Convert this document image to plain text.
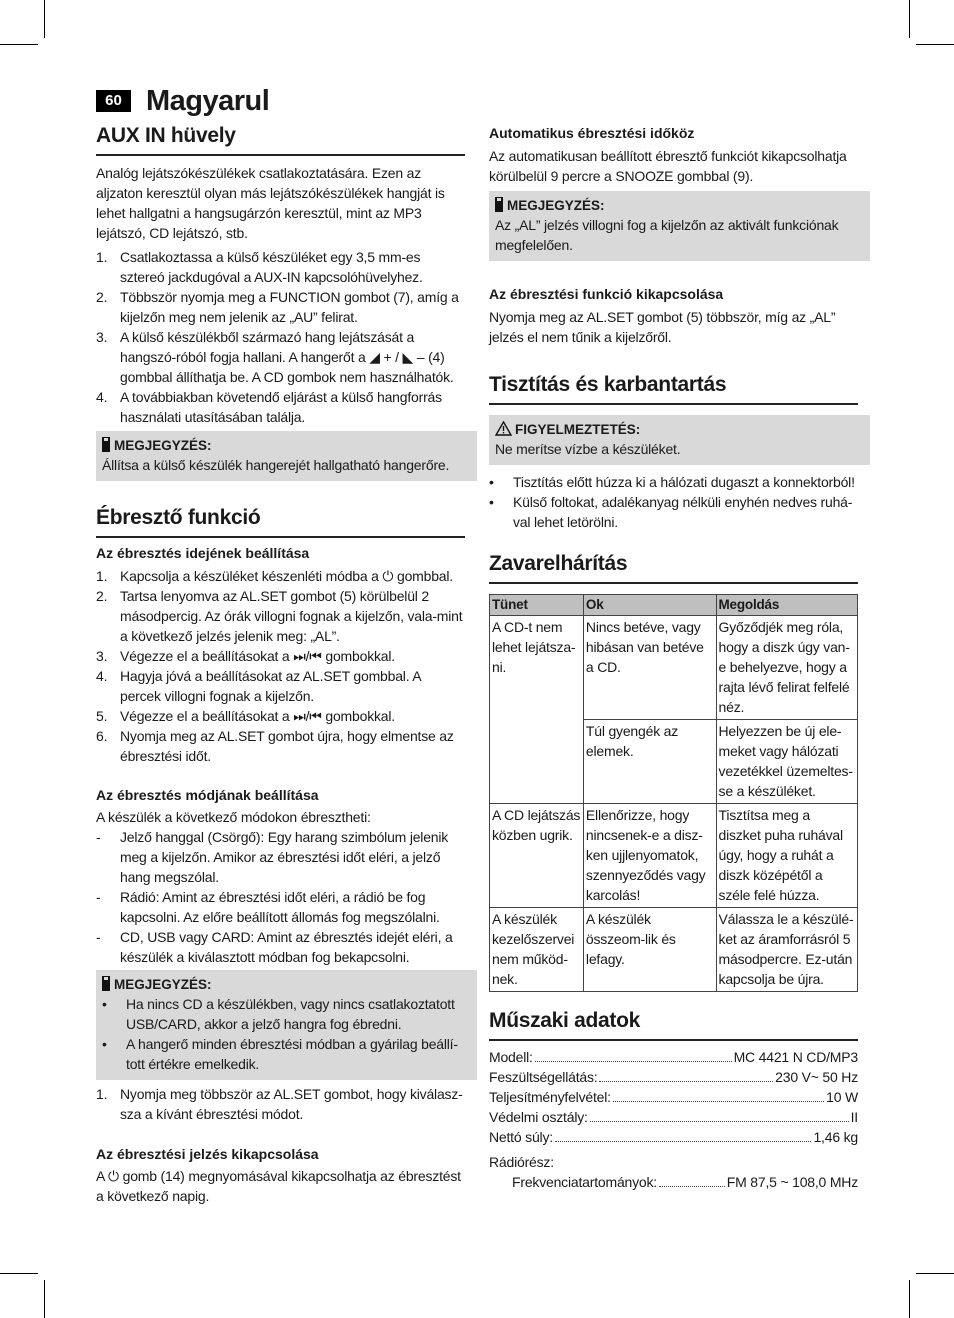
60 Magyarul
AUX IN hüvely

Analóg lejátszókészülékek csatlakoztatására. Ezen az aljzaton keresztül olyan más lejátszókészülékek hangját is lehet hallgatni a hangsugárzón keresztül, mint az MP3 lejátszó, CD lejátszó, stb.

1. Csatlakoztassa a külső készüléket egy 3,5 mm-es sztereó jackdugóval a AUX-IN kapcsolóhüvelyhez.
2. Többször nyomja meg a FUNCTION gombot (7), amíg a kijelzőn meg nem jelenik az „AU” felirat.
3. A külső készülékből származó hang lejátszását a hangszó-róból fogja hallani. A hangerőt a ◢ + / ◣ – (4) gombbal állíthatja be. A CD gombok nem használhatók.
4. A továbbiakban követendő eljárást a külső hangforrás használati utasításában találja.
MEGJEGYZÉS:
Állítsa a külső készülék hangerejét hallgatható hangerőre.
Ébresztő funkció
Az ébresztés idejének beállítása
1. Kapcsolja a készüléket készenléti módba a ⏻ gombbal.
2. Tartsa lenyomva az AL.SET gombot (5) körülbelül 2 másodpercig. Az órák villogni fognak a kijelzőn, vala-mint a következő jelzés jelenik meg: „AL”.
3. Végezze el a beállításokat a ⏭/⏮ gombokkal.
4. Hagyja jóvá a beállításokat az AL.SET gombbal. A percek villogni fognak a kijelzőn.
5. Végezze el a beállításokat a ⏭/⏮ gombokkal.
6. Nyomja meg az AL.SET gombot újra, hogy elmentse az ébresztési időt.
Az ébresztés módjának beállítása

A készülék a következő módokon ébresztheti:

- Jelző hanggal (Csörgő): Egy harang szimbólum jelenik meg a kijelzőn. Amikor az ébresztési időt eléri, a jelző hang megszólal.
- Rádió: Amint az ébresztési időt eléri, a rádió be fog kapcsolni. Az előre beállított állomás fog megszólalni.
- CD, USB vagy CARD: Amint az ébresztés idejét eléri, a készülék a kiválasztott módban fog bekapcsolni.
MEGJEGYZÉS:
• Ha nincs CD a készülékben, vagy nincs csatlakoztatott USB/CARD, akkor a jelző hangra fog ébredni.
• A hangerő minden ébresztési módban a gyárilag beállí-tott értékre emelkedik.
1. Nyomja meg többször az AL.SET gombot, hogy kiválasz-sza a kívánt ébresztési módot.
Az ébresztési jelzés kikapcsolása

A ⏻ gomb (14) megnyomásával kikapcsolhatja az ébresztést a következő napig.

Automatikus ébresztési időköz

Az automatikusan beállított ébresztő funkciót kikapcsolhatja körülbelül 9 percre a SNOOZE gombbal (9).

MEGJEGYZÉS:
Az „AL” jelzés villogni fog a kijelzőn az aktivált funkciónak megfelelően.
Az ébresztési funkció kikapcsolása

Nyomja meg az AL.SET gombot (5) többször, míg az „AL” jelzés el nem tűnik a kijelzőről.

Tisztítás és karbantartás
FIGYELMEZTETÉS:
Ne merítse vízbe a készüléket.
• Tisztítás előtt húzza ki a hálózati dugaszt a konnektorból!
• Külső foltokat, adalékanyag nélküli enyhén nedves ruhá-val lehet letörölni.
Zavarelhárítás
Tünet	Ok	Megoldás
A CD-t nem lehet lejátsza-ni.	Nincs betéve, vagy hibásan van betéve a CD.	Győződjék meg róla, hogy a diszk úgy van-e behelyezve, hogy a rajta lévő felirat felfelé néz.
	Túl gyengék az elemek.	Helyezzen be új ele-meket vagy hálózati vezetékkel üzemeltes-se a készüléket.
A CD lejátszás közben ugrik.	Ellenőrizze, hogy nincsenek-e a disz-ken ujjlenyomatok, szennyeződés vagy karcolás!	Tisztítsa meg a diszket puha ruhával úgy, hogy a ruhát a diszk középétől a széle felé húzza.
A készülék kezelőszervei nem működ-nek.	A készülék összeom-lik és lefagy.	Válassza le a készülé-ket az áramforrásról 5 másodpercre. Ez-után kapcsolja be újra.
Műszaki adatok
Modell:	MC 4421 N CD/MP3
Feszültségellátás:	230 V~ 50 Hz
Teljesítményfelvétel:	10 W
Védelmi osztály:	II
Nettó súly:	1,46 kg

Rádiórész:

Frekvenciatartományok:	FM 87,5 ~ 108,0 MHz
